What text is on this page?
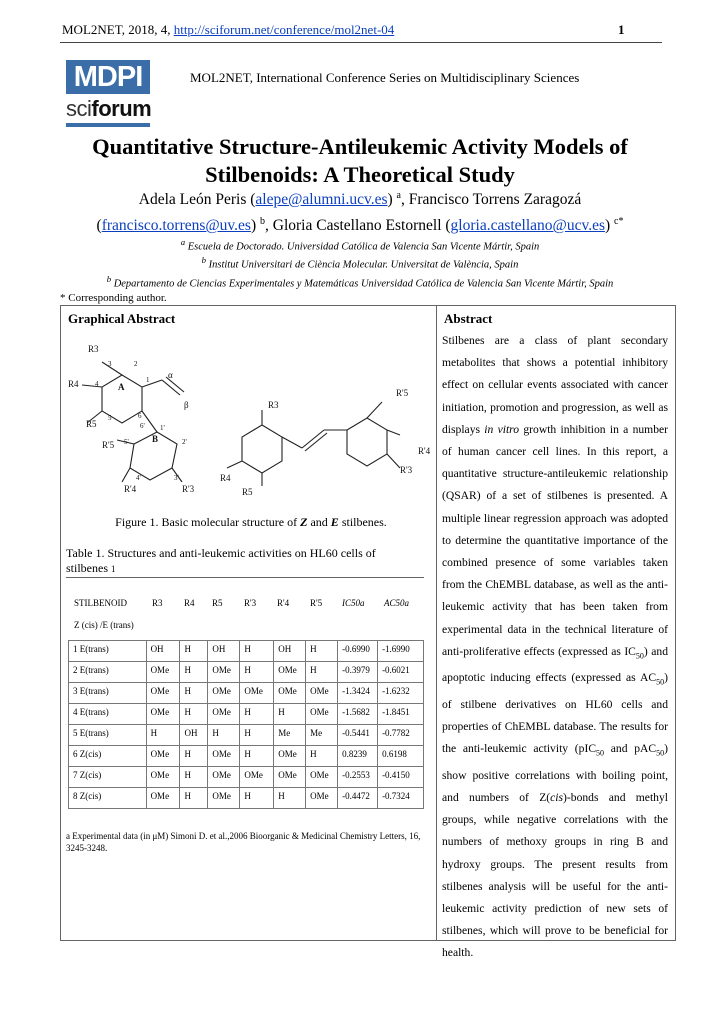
MOL2NET, 2018, 4, http://sciforum.net/conference/mol2net-04	1
MDPI
sciforum
MOL2NET, International Conference Series on Multidisciplinary Sciences
Quantitative Structure-Antileukemic Activity Models of
Stilbenoids: A Theoretical Study
Adela León Peris (alepe@alumni.ucv.es) $^a$, Francisco Torrens Zaragozá
(francisco.torrens@uv.es) $^b$, Gloria Castellano Estornell (gloria.castellano@ucv.es) $^{c*}$
$^a$ Escuela de Doctorado. Universidad Católica de Valencia San Vicente Mártir, Spain
$^b$ Institut Universitari de Ciència Molecular. Universitat de València, Spain
$^b$ Departamento de Ciencias Experimentales y Matemáticas Universidad Católica de Valencia San Vicente Mártir, Spain
* Corresponding author.
Graphical Abstract	Abstract
R3
R4
R5
A
B
α
β
3	2
1
4
5	6
1'
2'
3'
4'
5'
6'
R'5
R'4	R'3
R3
R4
R5
R'5
R'4
R'3
Figure 1. Basic molecular structure of Z and E stilbenes.
Table 1. Structures and anti-leukemic activities on HL60 cells of
stilbenes 1
STILBENOID	R3 R4 R5 R'3 R'4 R'5 IC50a AC50a
Z (cis) /E (trans)
1 E(trans)	OH	H	OH	H	OH	H	-0.6990	-1.6990
2 E(trans)	OMe	H	OMe	H	OMe	H	-0.3979	-0.6021
3 E(trans)	OMe	H	OMe	OMe	OMe	OMe	-1.3424	-1.6232
4 E(trans)	OMe	H	OMe	H	H	OMe	-1.5682	-1.8451
5 E(trans)	H	OH	H	H	Me	Me	-0.5441	-0.7782
6 Z(cis)	OMe	H	OMe	H	OMe	H	0.8239	0.6198
7 Z(cis)	OMe	H	OMe	OMe	OMe	OMe	-0.2553	-0.4150
8 Z(cis)	OMe	H	OMe	H	H	OMe	-0.4472	-0.7324
a Experimental data (in μM) Simoni D. et al.,2006 Bioorganic & Medicinal Chemistry Letters, 16, 3245-3248.
Stilbenes are a class of plant secondary metabolites that shows a potential inhibitory effect on cellular events associated with cancer initiation, promotion and progression, as well as displays in vitro growth inhibition in a number of human cancer cell lines. In this report, a quantitative structure-antileukemic relationship (QSAR) of a set of stilbenes is presented. A multiple linear regression approach was adopted to determine the quantitative importance of the combined presence of some variables taken from the ChEMBL database, as well as the anti-leukemic activity that has been taken from experimental data in the technical literature of anti-proliferative effects (expressed as $IC_{50}$) and apoptotic inducing effects (expressed as $AC_{50}$) of stilbene derivatives on HL60 cells and properties of ChEMBL database. The results for the anti-leukemic activity (pIC$_{50}$ and pAC$_{50}$) show positive correlations with boiling point, and numbers of Z(cis)-bonds and methyl groups, while negative correlations with the numbers of methoxy groups in ring B and hydroxy groups. The present results from stilbenes analysis will be useful for the anti-leukemic activity prediction of new sets of stilbenes, which will prove to be beneficial for health.
